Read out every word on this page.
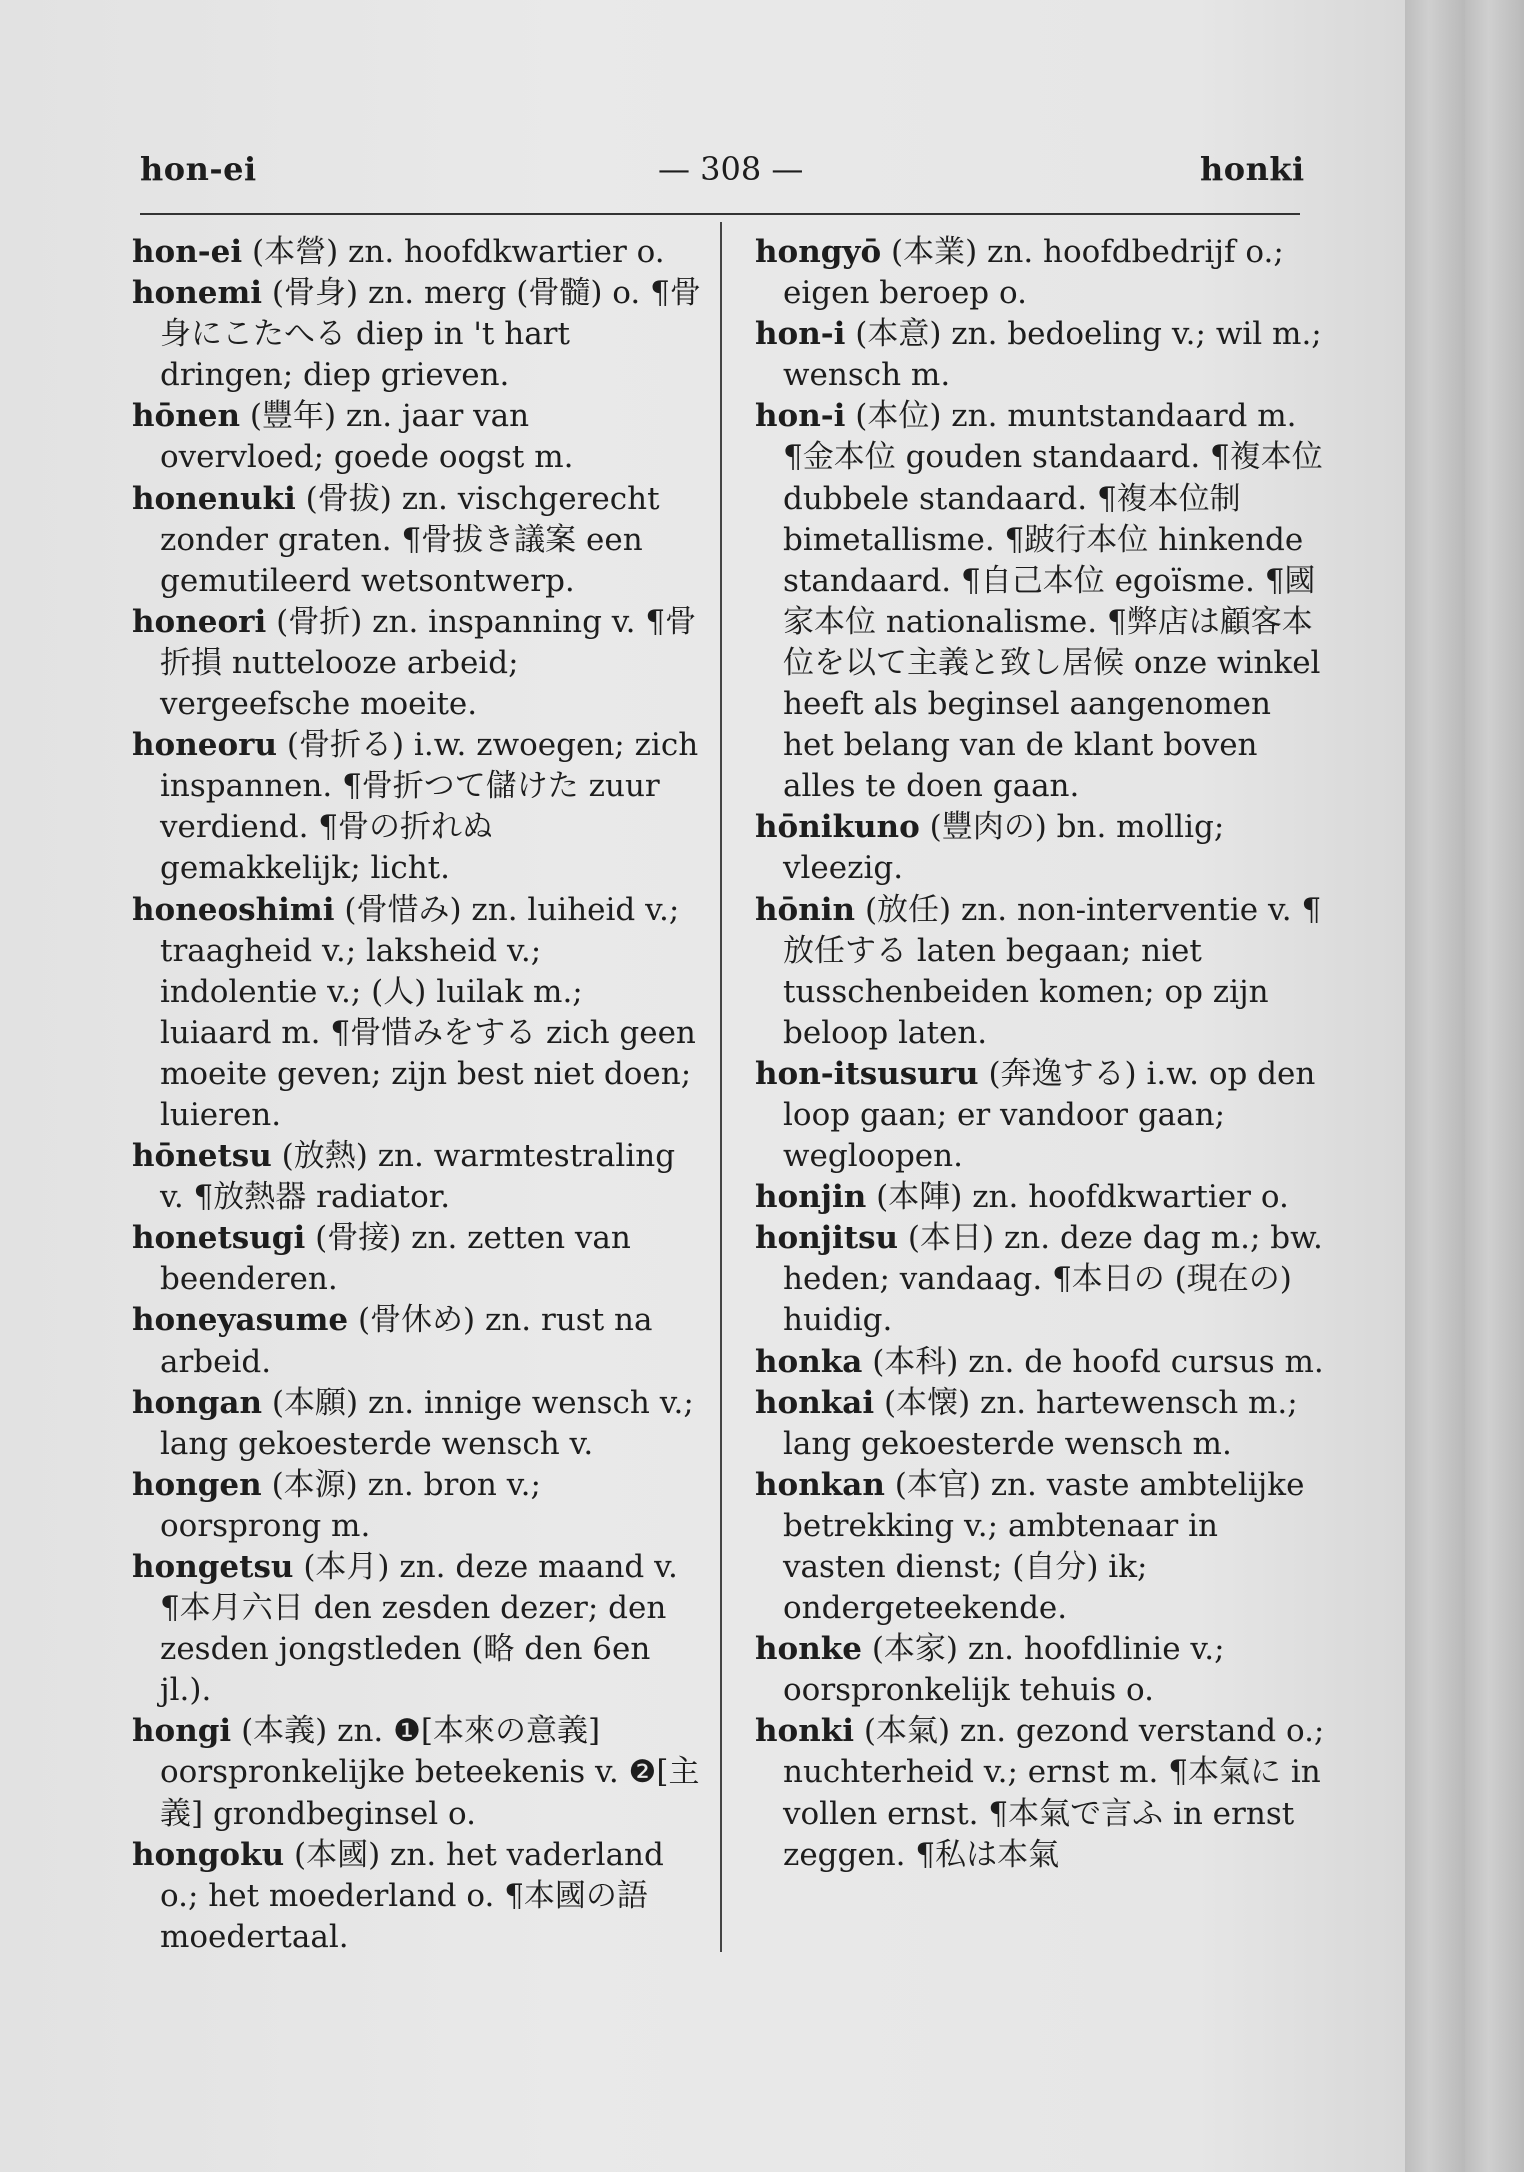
hon-ei	— 308 —	honki
hon-ei (本營) zn. hoofdkwartier o.
honemi (骨身) zn. merg (骨髓) o. ¶骨身にこたへる diep in 't hart dringen; diep grieven.
hōnen (豐年) zn. jaar van overvloed; goede oogst m.
honenuki (骨拔) zn. vischgerecht zonder graten. ¶骨拔き議案 een gemutileerd wetsontwerp.
honeori (骨折) zn. inspanning v. ¶骨折損 nuttelooze arbeid; vergeefsche moeite.
honeoru (骨折る) i.w. zwoegen; zich inspannen. ¶骨折つて儲けた zuur verdiend. ¶骨の折れぬ gemakkelijk; licht.
honeoshimi (骨惜み) zn. luiheid v.; traagheid v.; laksheid v.; indolentie v.; (人) luilak m.; luiaard m. ¶骨惜みをする zich geen moeite geven; zijn best niet doen; luieren.
hōnetsu (放熱) zn. warmtestraling v. ¶放熱器 radiator.
honetsugi (骨接) zn. zetten van beenderen.
honeyasume (骨休め) zn. rust na arbeid.
hongan (本願) zn. innige wensch v.; lang gekoesterde wensch v.
hongen (本源) zn. bron v.; oorsprong m.
hongetsu (本月) zn. deze maand v. ¶本月六日 den zesden dezer; den zesden jongstleden (略 den 6en jl.).
hongi (本義) zn. ❶[本來の意義] oorspronkelijke beteekenis v. ❷[主義] grondbeginsel o.
hongoku (本國) zn. het vaderland o.; het moederland o. ¶本國の語 moedertaal.
hongyō (本業) zn. hoofdbedrijf o.; eigen beroep o.
hon-i (本意) zn. bedoeling v.; wil m.; wensch m.
hon-i (本位) zn. muntstandaard m. ¶金本位 gouden standaard. ¶複本位 dubbele standaard. ¶複本位制 bimetallisme. ¶跛行本位 hinkende standaard. ¶自己本位 egoïsme. ¶國家本位 nationalisme. ¶弊店は顧客本位を以て主義と致し居候 onze winkel heeft als beginsel aangenomen het belang van de klant boven alles te doen gaan.
hōnikuno (豐肉の) bn. mollig; vleezig.
hōnin (放任) zn. non-interventie v. ¶放任する laten begaan; niet tusschenbeiden komen; op zijn beloop laten.
hon-itsusuru (奔逸する) i.w. op den loop gaan; er vandoor gaan; wegloopen.
honjin (本陣) zn. hoofdkwartier o.
honjitsu (本日) zn. deze dag m.; bw. heden; vandaag. ¶本日の (現在の) huidig.
honka (本科) zn. de hoofd cursus m.
honkai (本懐) zn. hartewensch m.; lang gekoesterde wensch m.
honkan (本官) zn. vaste ambtelijke betrekking v.; ambtenaar in vasten dienst; (自分) ik; ondergeteekende.
honke (本家) zn. hoofdlinie v.; oorspronkelijk tehuis o.
honki (本氣) zn. gezond verstand o.; nuchterheid v.; ernst m. ¶本氣に in vollen ernst. ¶本氣で言ふ in ernst zeggen. ¶私は本氣
